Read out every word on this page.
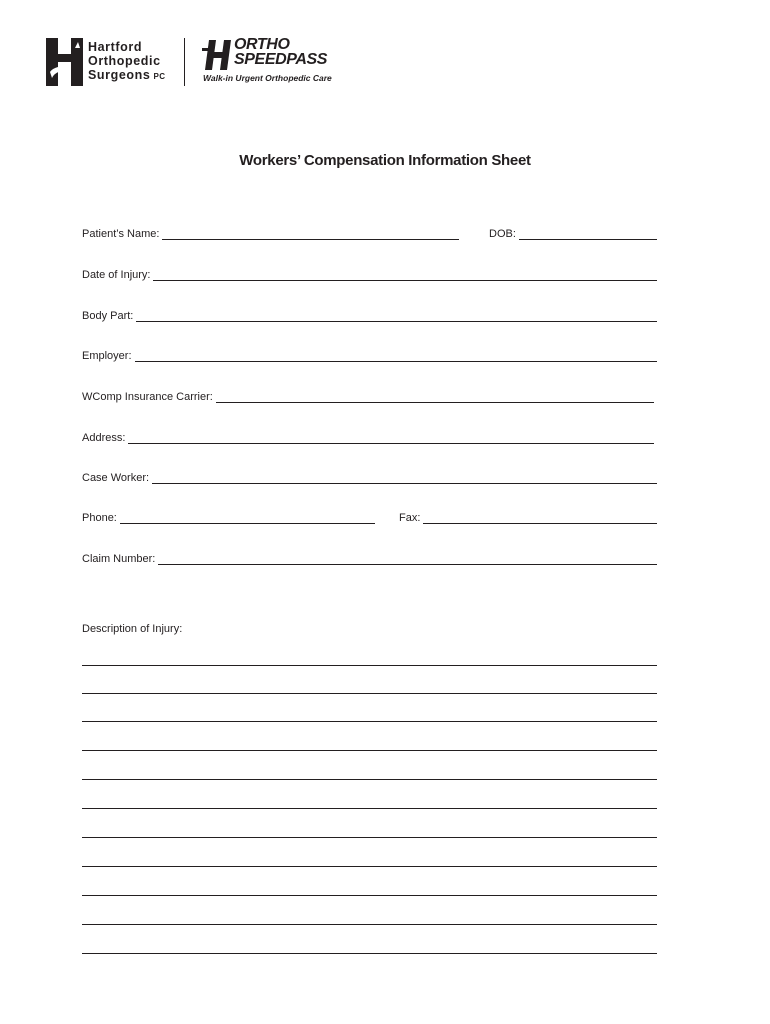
Hartford
Orthopedic
Surgeons PC
ORTHO
SPEEDPASS
Walk-in Urgent Orthopedic Care
Workers’ Compensation Information Sheet
Patient’s Name:	DOB:
Date of Injury:
Body Part:
Employer:
WComp Insurance Carrier:
Address:
Case Worker:
Phone:	Fax:
Claim Number:
Description of Injury:
